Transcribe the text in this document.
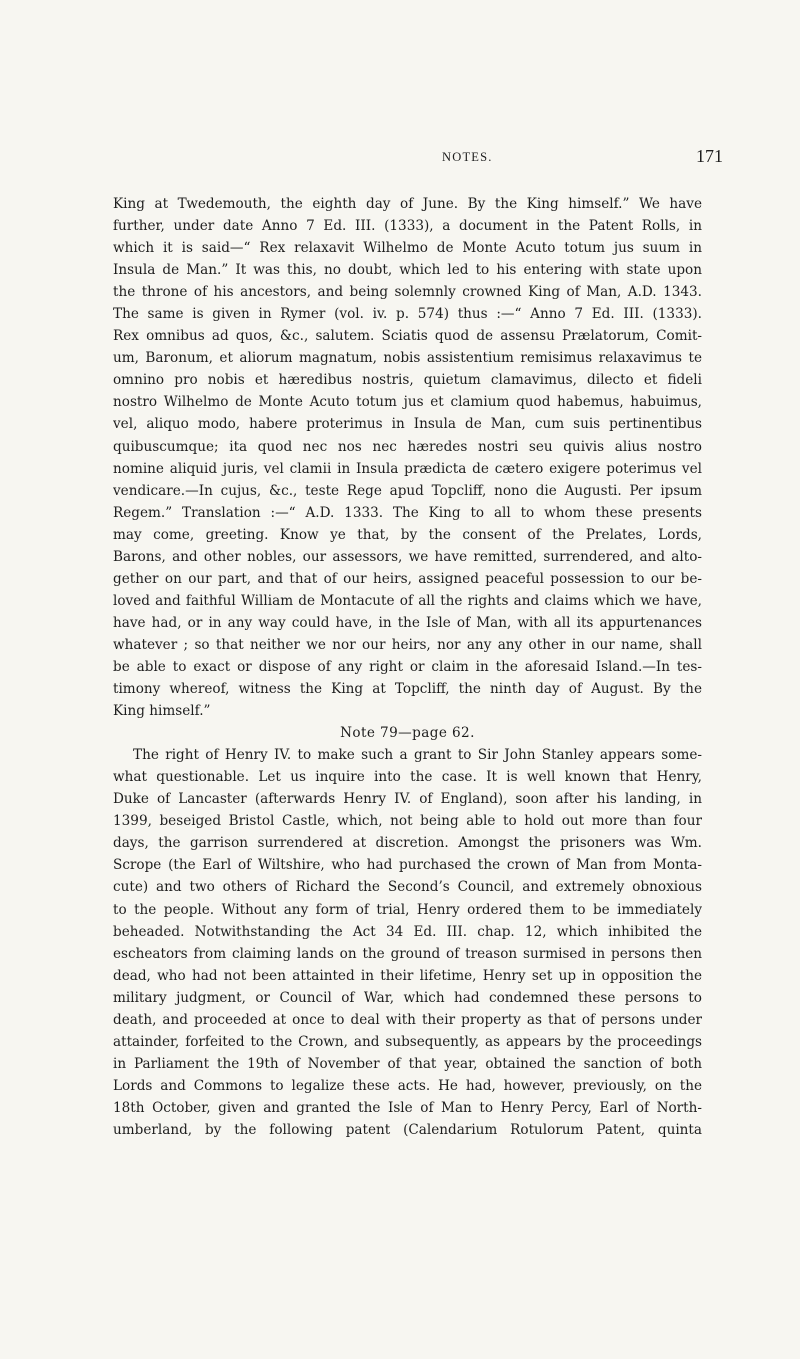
NOTES.	171
King at Twedemouth, the eighth day of June. By the King himself.” We have
further, under date Anno 7 Ed. III. (1333), a document in the Patent Rolls, in
which it is said—“ Rex relaxavit Wilhelmo de Monte Acuto totum jus suum in
Insula de Man.” It was this, no doubt, which led to his entering with state upon
the throne of his ancestors, and being solemnly crowned King of Man, A.D. 1343.
The same is given in Rymer (vol. iv. p. 574) thus :—“ Anno 7 Ed. III. (1333).
Rex omnibus ad quos, &c., salutem. Sciatis quod de assensu Prælatorum, Comit-
um, Baronum, et aliorum magnatum, nobis assistentium remisimus relaxavimus te
omnino pro nobis et hæredibus nostris, quietum clamavimus, dilecto et fideli
nostro Wilhelmo de Monte Acuto totum jus et clamium quod habemus, habuimus,
vel, aliquo modo, habere proterimus in Insula de Man, cum suis pertinentibus
quibuscumque; ita quod nec nos nec hæredes nostri seu quivis alius nostro
nomine aliquid juris, vel clamii in Insula prædicta de cætero exigere poterimus vel
vendicare.—In cujus, &c., teste Rege apud Topcliff, nono die Augusti. Per ipsum
Regem.” Translation :—“ A.D. 1333. The King to all to whom these presents
may come, greeting. Know ye that, by the consent of the Prelates, Lords,
Barons, and other nobles, our assessors, we have remitted, surrendered, and alto-
gether on our part, and that of our heirs, assigned peaceful possession to our be-
loved and faithful William de Montacute of all the rights and claims which we have,
have had, or in any way could have, in the Isle of Man, with all its appurtenances
whatever ; so that neither we nor our heirs, nor any any other in our name, shall
be able to exact or dispose of any right or claim in the aforesaid Island.—In tes-
timony whereof, witness the King at Topcliff, the ninth day of August. By the
King himself.”
Note 79—page 62.
The right of Henry IV. to make such a grant to Sir John Stanley appears some-
what questionable. Let us inquire into the case. It is well known that Henry,
Duke of Lancaster (afterwards Henry IV. of England), soon after his landing, in
1399, beseiged Bristol Castle, which, not being able to hold out more than four
days, the garrison surrendered at discretion. Amongst the prisoners was Wm.
Scrope (the Earl of Wiltshire, who had purchased the crown of Man from Monta-
cute) and two others of Richard the Second’s Council, and extremely obnoxious
to the people. Without any form of trial, Henry ordered them to be immediately
beheaded. Notwithstanding the Act 34 Ed. III. chap. 12, which inhibited the
escheators from claiming lands on the ground of treason surmised in persons then
dead, who had not been attainted in their lifetime, Henry set up in opposition the
military judgment, or Council of War, which had condemned these persons to
death, and proceeded at once to deal with their property as that of persons under
attainder, forfeited to the Crown, and subsequently, as appears by the proceedings
in Parliament the 19th of November of that year, obtained the sanction of both
Lords and Commons to legalize these acts. He had, however, previously, on the
18th October, given and granted the Isle of Man to Henry Percy, Earl of North-
umberland, by the following patent (Calendarium Rotulorum Patent, quinta
